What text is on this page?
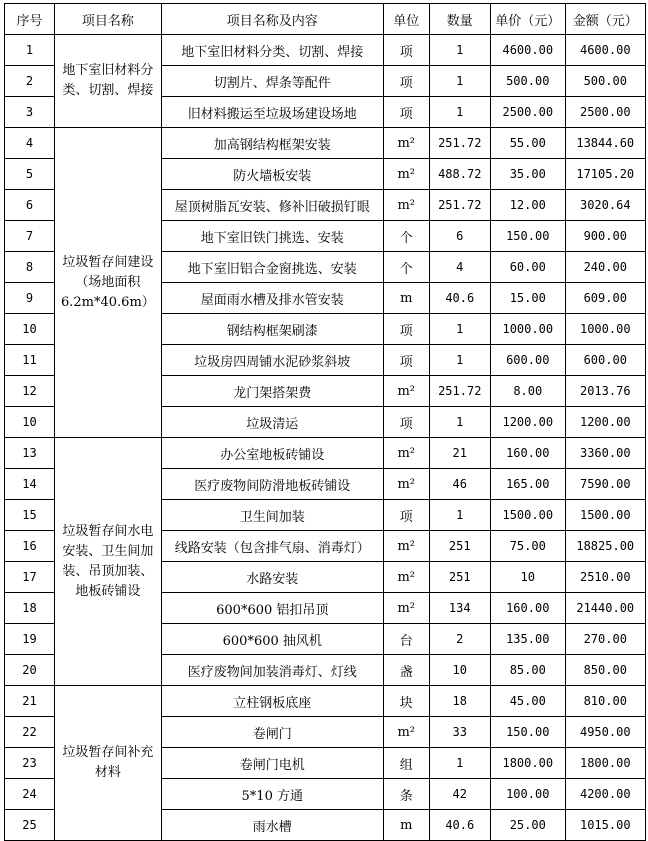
序号	项目名称	项目名称及内容	单位	数量	单价（元）	金额（元）
1	地下室旧材料分类、切割、焊接	地下室旧材料分类、切割、焊接	项	1	4600.00	4600.00
2		切割片、焊条等配件	项	1	500.00	500.00
3		旧材料搬运至垃圾场建设场地	项	1	2500.00	2500.00
4	垃圾暂存间建设（场地面积6.2m*40.6m）	加高钢结构框架安装	m²	251.72	55.00	13844.60
5		防火墙板安装	m²	488.72	35.00	17105.20
6		屋顶树脂瓦安装、修补旧破损钉眼	m²	251.72	12.00	3020.64
7		地下室旧铁门挑选、安装	个	6	150.00	900.00
8		地下室旧铝合金窗挑选、安装	个	4	60.00	240.00
9		屋面雨水槽及排水管安装	m	40.6	15.00	609.00
10		钢结构框架刷漆	项	1	1000.00	1000.00
11		垃圾房四周铺水泥砂浆斜坡	项	1	600.00	600.00
12		龙门架搭架费	m²	251.72	8.00	2013.76
10		垃圾清运	项	1	1200.00	1200.00
13	垃圾暂存间水电安装、卫生间加装、吊顶加装、地板砖铺设	办公室地板砖铺设	m²	21	160.00	3360.00
14		医疗废物间防滑地板砖铺设	m²	46	165.00	7590.00
15		卫生间加装	项	1	1500.00	1500.00
16		线路安装（包含排气扇、消毒灯）	m²	251	75.00	18825.00
17		水路安装	m²	251	10	2510.00
18		600*600 铝扣吊顶	m²	134	160.00	21440.00
19		600*600 抽风机	台	2	135.00	270.00
20		医疗废物间加装消毒灯、灯线	盏	10	85.00	850.00
21	垃圾暂存间补充材料	立柱钢板底座	块	18	45.00	810.00
22		卷闸门	m²	33	150.00	4950.00
23		卷闸门电机	组	1	1800.00	1800.00
24		5*10 方通	条	42	100.00	4200.00
25		雨水槽	m	40.6	25.00	1015.00
